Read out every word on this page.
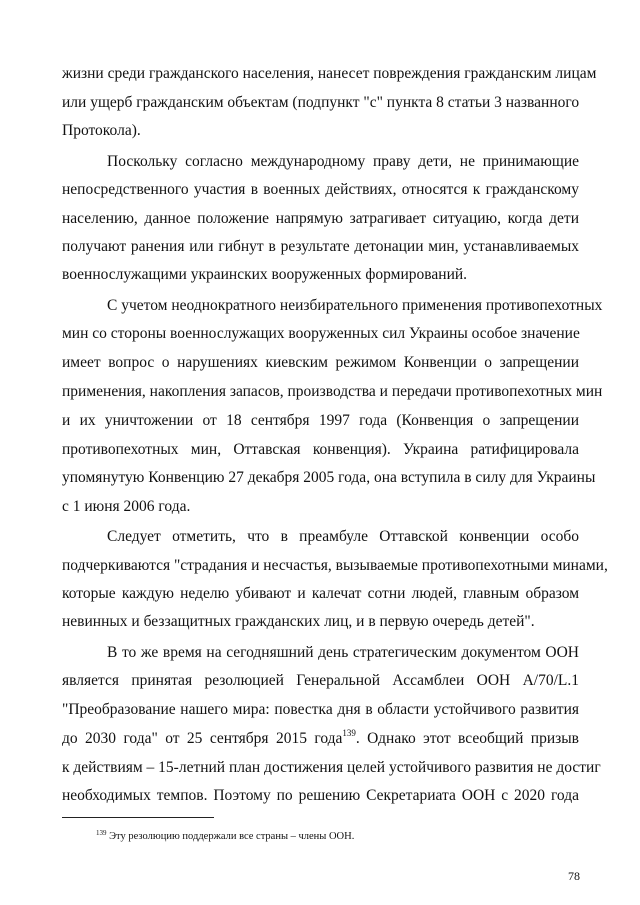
жизни среди гражданского населения, нанесет повреждения гражданским лицам
или ущерб гражданским объектам (подпункт "c" пункта 8 статьи 3 названного
Протокола).
Поскольку согласно международному праву дети, не принимающие
непосредственного участия в военных действиях, относятся к гражданскому
населению, данное положение напрямую затрагивает ситуацию, когда дети
получают ранения или гибнут в результате детонации мин, устанавливаемых
военнослужащими украинских вооруженных формирований.
С учетом неоднократного неизбирательного применения противопехотных
мин со стороны военнослужащих вооруженных сил Украины особое значение
имеет вопрос о нарушениях киевским режимом Конвенции о запрещении
применения, накопления запасов, производства и передачи противопехотных мин
и их уничтожении от 18 сентября 1997 года (Конвенция о запрещении
противопехотных мин, Оттавская конвенция). Украина ратифицировала
упомянутую Конвенцию 27 декабря 2005 года, она вступила в силу для Украины
с 1 июня 2006 года.
Следует отметить, что в преамбуле Оттавской конвенции особо
подчеркиваются "страдания и несчастья, вызываемые противопехотными минами,
которые каждую неделю убивают и калечат сотни людей, главным образом
невинных и беззащитных гражданских лиц, и в первую очередь детей".
В то же время на сегодняшний день стратегическим документом ООН
является принятая резолюцией Генеральной Ассамблеи ООН A/70/L.1
"Преобразование нашего мира: повестка дня в области устойчивого развития
до 2030 года" от 25 сентября 2015 года$^{139}$. Однако этот всеобщий призыв
к действиям – 15-летний план достижения целей устойчивого развития не достиг
необходимых темпов. Поэтому по решению Секретариата ООН с 2020 года
$^{139}$ Эту резолюцию поддержали все страны – члены ООН.
78
